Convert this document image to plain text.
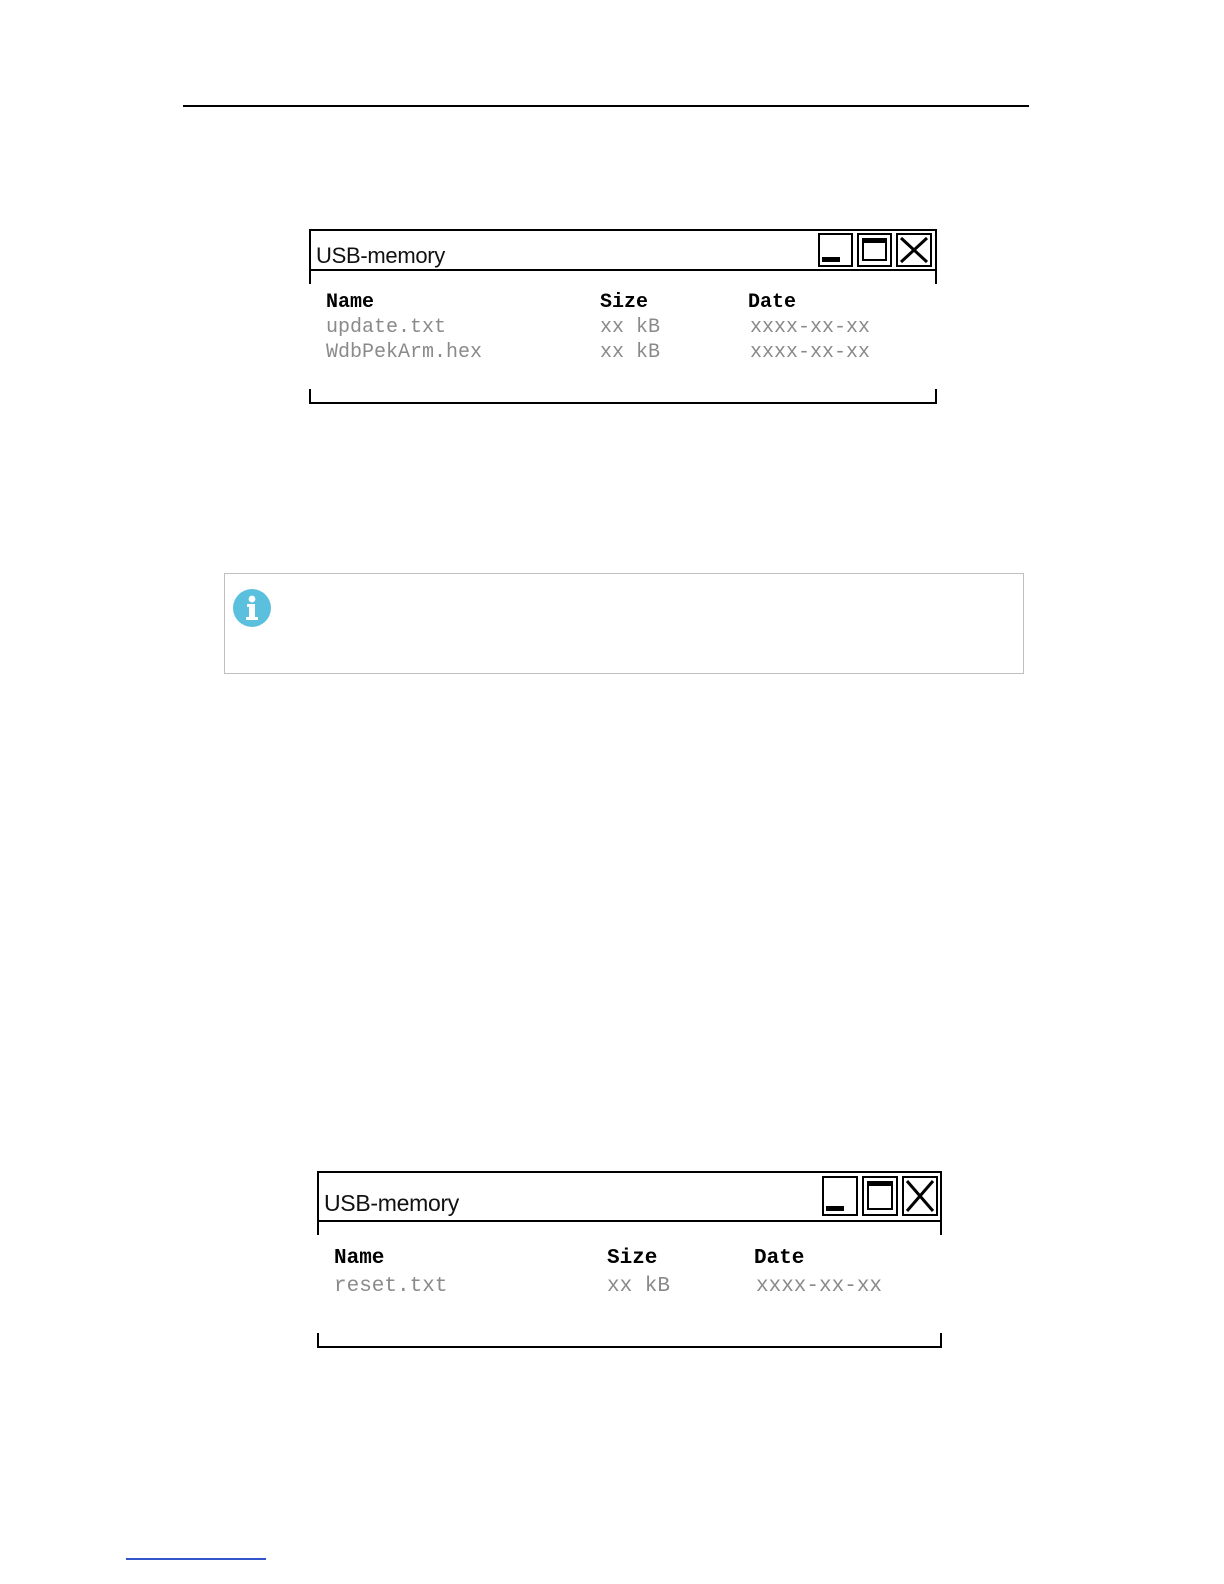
USB-memory
Name	Size	Date
update.txt	xx kB	xxxx-xx-xx
WdbPekArm.hex	xx kB	xxxx-xx-xx
USB-memory
Name	Size	Date
reset.txt	xx kB	xxxx-xx-xx
